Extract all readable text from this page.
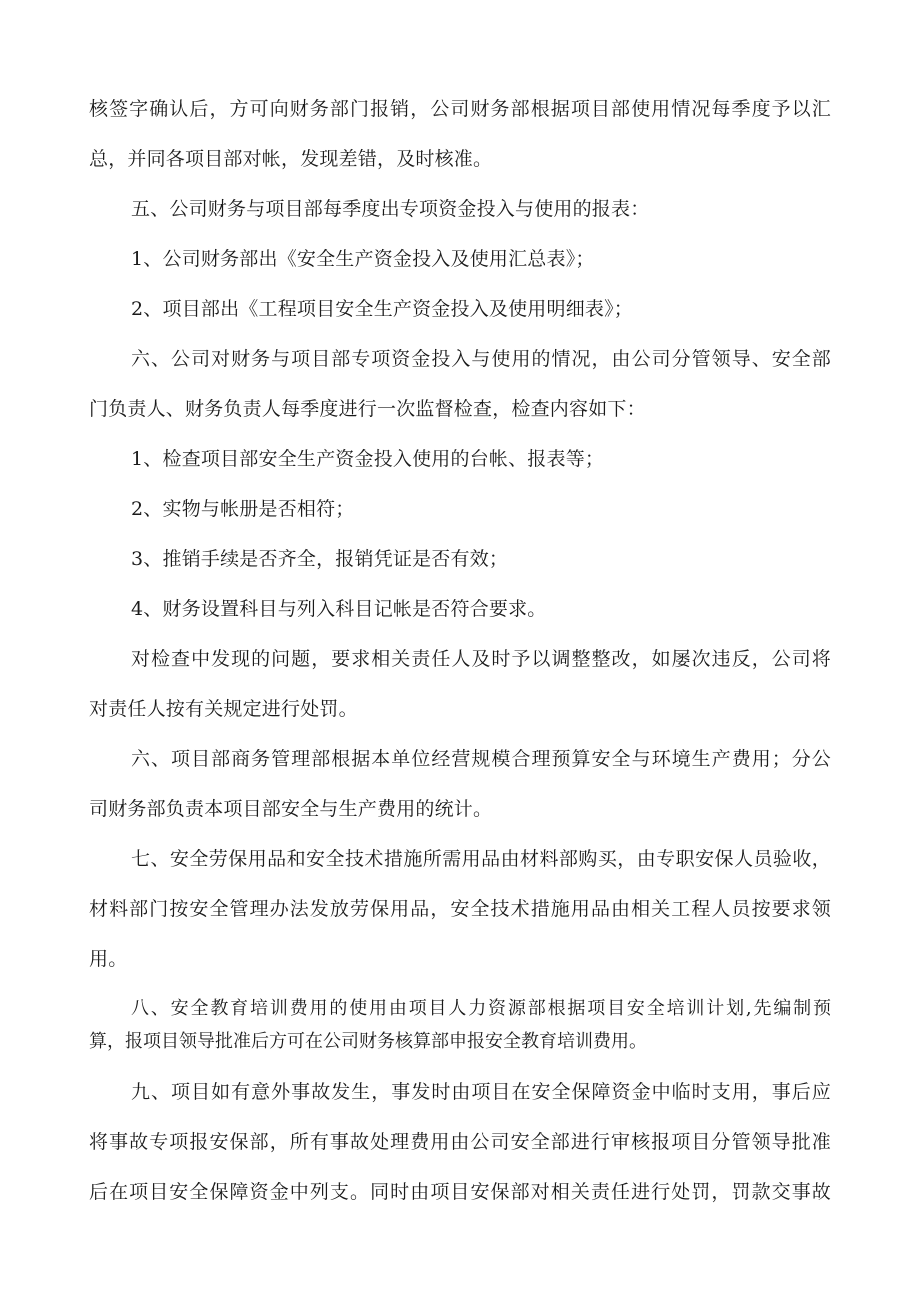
核签字确认后，方可向财务部门报销，公司财务部根据项目部使用情况每季度予以汇
总，并同各项目部对帐，发现差错，及时核准。
五、公司财务与项目部每季度出专项资金投入与使用的报表：
1、公司财务部出《安全生产资金投入及使用汇总表》；
2、项目部出《工程项目安全生产资金投入及使用明细表》；
六、公司对财务与项目部专项资金投入与使用的情况，由公司分管领导、安全部
门负责人、财务负责人每季度进行一次监督检查，检查内容如下：
1、检查项目部安全生产资金投入使用的台帐、报表等；
2、实物与帐册是否相符；
3、推销手续是否齐全，报销凭证是否有效；
4、财务设置科目与列入科目记帐是否符合要求。
对检查中发现的问题，要求相关责任人及时予以调整整改，如屡次违反，公司将
对责任人按有关规定进行处罚。
六、项目部商务管理部根据本单位经营规模合理预算安全与环境生产费用；分公
司财务部负责本项目部安全与生产费用的统计。
七、安全劳保用品和安全技术措施所需用品由材料部购买，由专职安保人员验收，
材料部门按安全管理办法发放劳保用品，安全技术措施用品由相关工程人员按要求领
用。
八、安全教育培训费用的使用由项目人力资源部根据项目安全培训计划,先编制预
算，报项目领导批准后方可在公司财务核算部申报安全教育培训费用。
九、项目如有意外事故发生，事发时由项目在安全保障资金中临时支用，事后应
将事故专项报安保部，所有事故处理费用由公司安全部进行审核报项目分管领导批准
后在项目安全保障资金中列支。同时由项目安保部对相关责任进行处罚，罚款交事故
